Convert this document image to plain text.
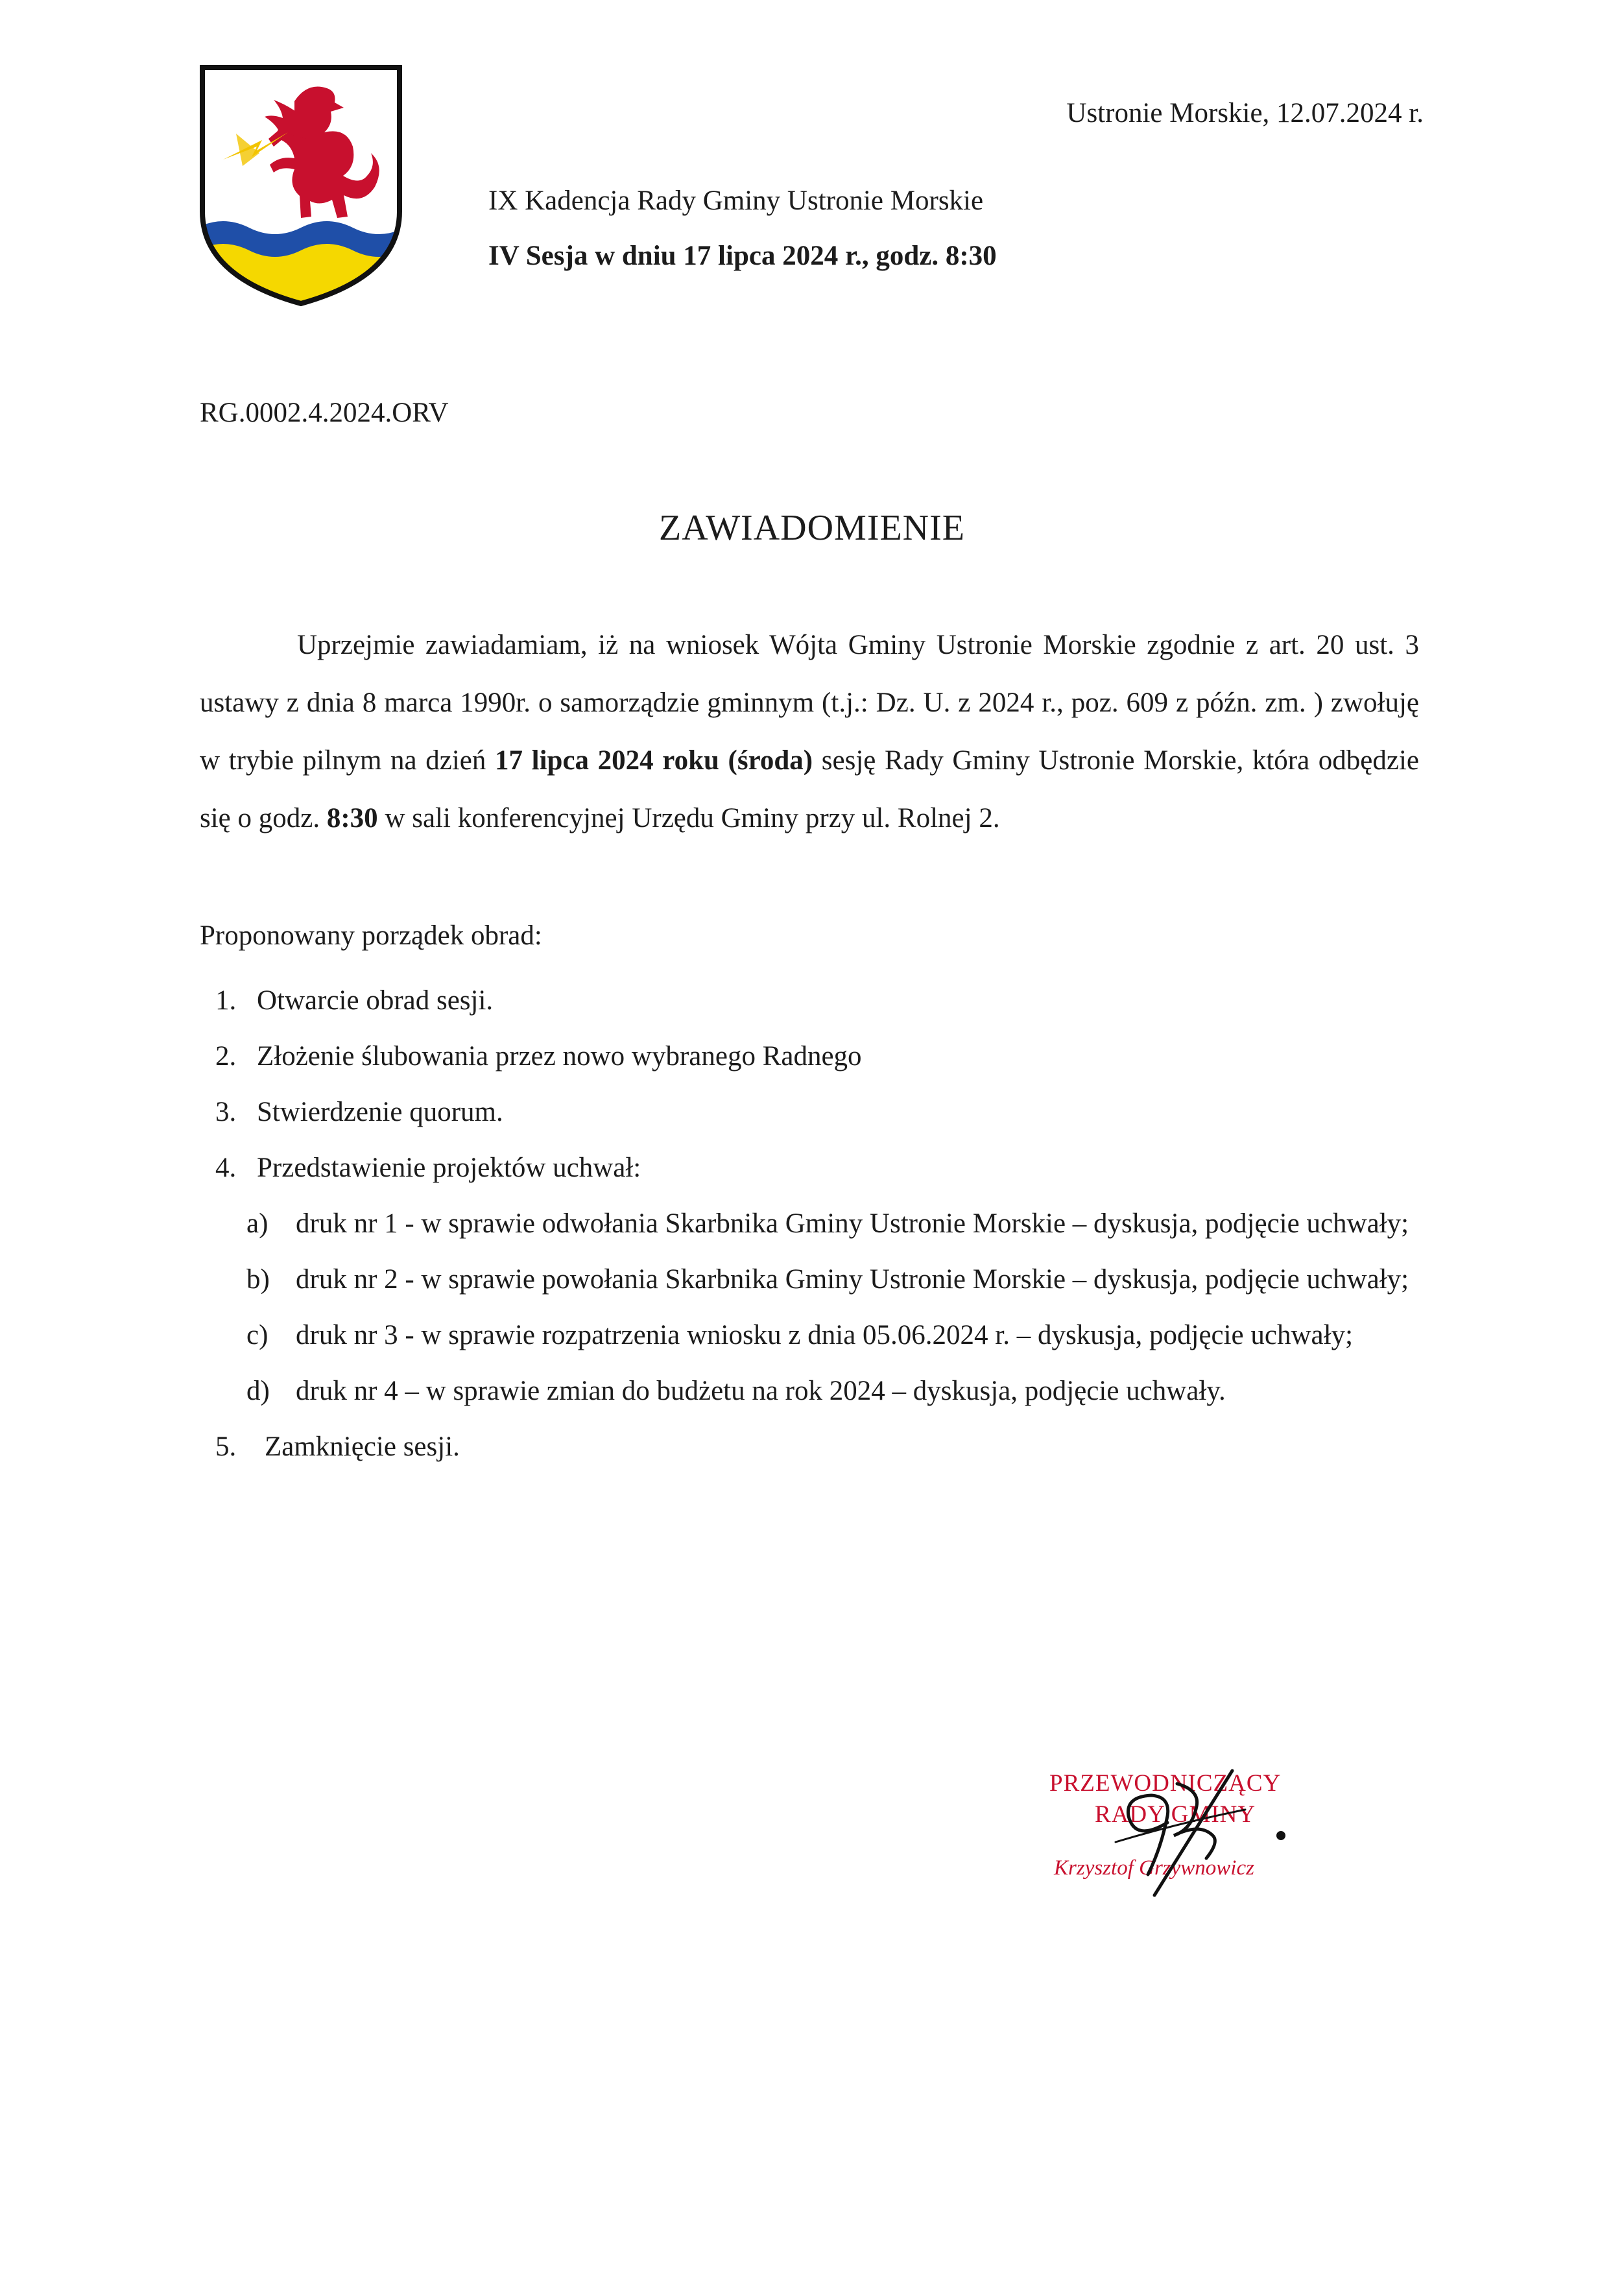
Ustronie Morskie, 12.07.2024 r.
IX Kadencja Rady Gminy Ustronie Morskie
IV Sesja w dniu 17 lipca 2024 r., godz. 8:30
RG.0002.4.2024.ORV
ZAWIADOMIENIE

Uprzejmie zawiadamiam, iż na wniosek Wójta Gminy Ustronie Morskie zgodnie z art. 20 ust. 3 ustawy z dnia 8 marca 1990r. o samorządzie gminnym (t.j.: Dz. U. z 2024 r., poz. 609 z późn. zm. ) zwołuję w trybie pilnym na dzień 17 lipca 2024 roku (środa) sesję Rady Gminy Ustronie Morskie, która odbędzie się o godz. 8:30 w sali konferencyjnej Urzędu Gminy przy ul. Rolnej 2.

Proponowany porządek obrad:
1. Otwarcie obrad sesji.
2. Złożenie ślubowania przez nowo wybranego Radnego
3. Stwierdzenie quorum.
4. Przedstawienie projektów uchwał:
a) druk nr 1 - w sprawie odwołania Skarbnika Gminy Ustronie Morskie – dyskusja, podjęcie uchwały;
b) druk nr 2 - w sprawie powołania Skarbnika Gminy Ustronie Morskie – dyskusja, podjęcie uchwały;
c) druk nr 3 - w sprawie rozpatrzenia wniosku z dnia 05.06.2024 r. – dyskusja, podjęcie uchwały;
d) druk nr 4 – w sprawie zmian do budżetu na rok 2024 – dyskusja, podjęcie uchwały.
5. Zamknięcie sesji.
PRZEWODNICZĄCY
RADY GMINY
Krzysztof Grzywnowicz
